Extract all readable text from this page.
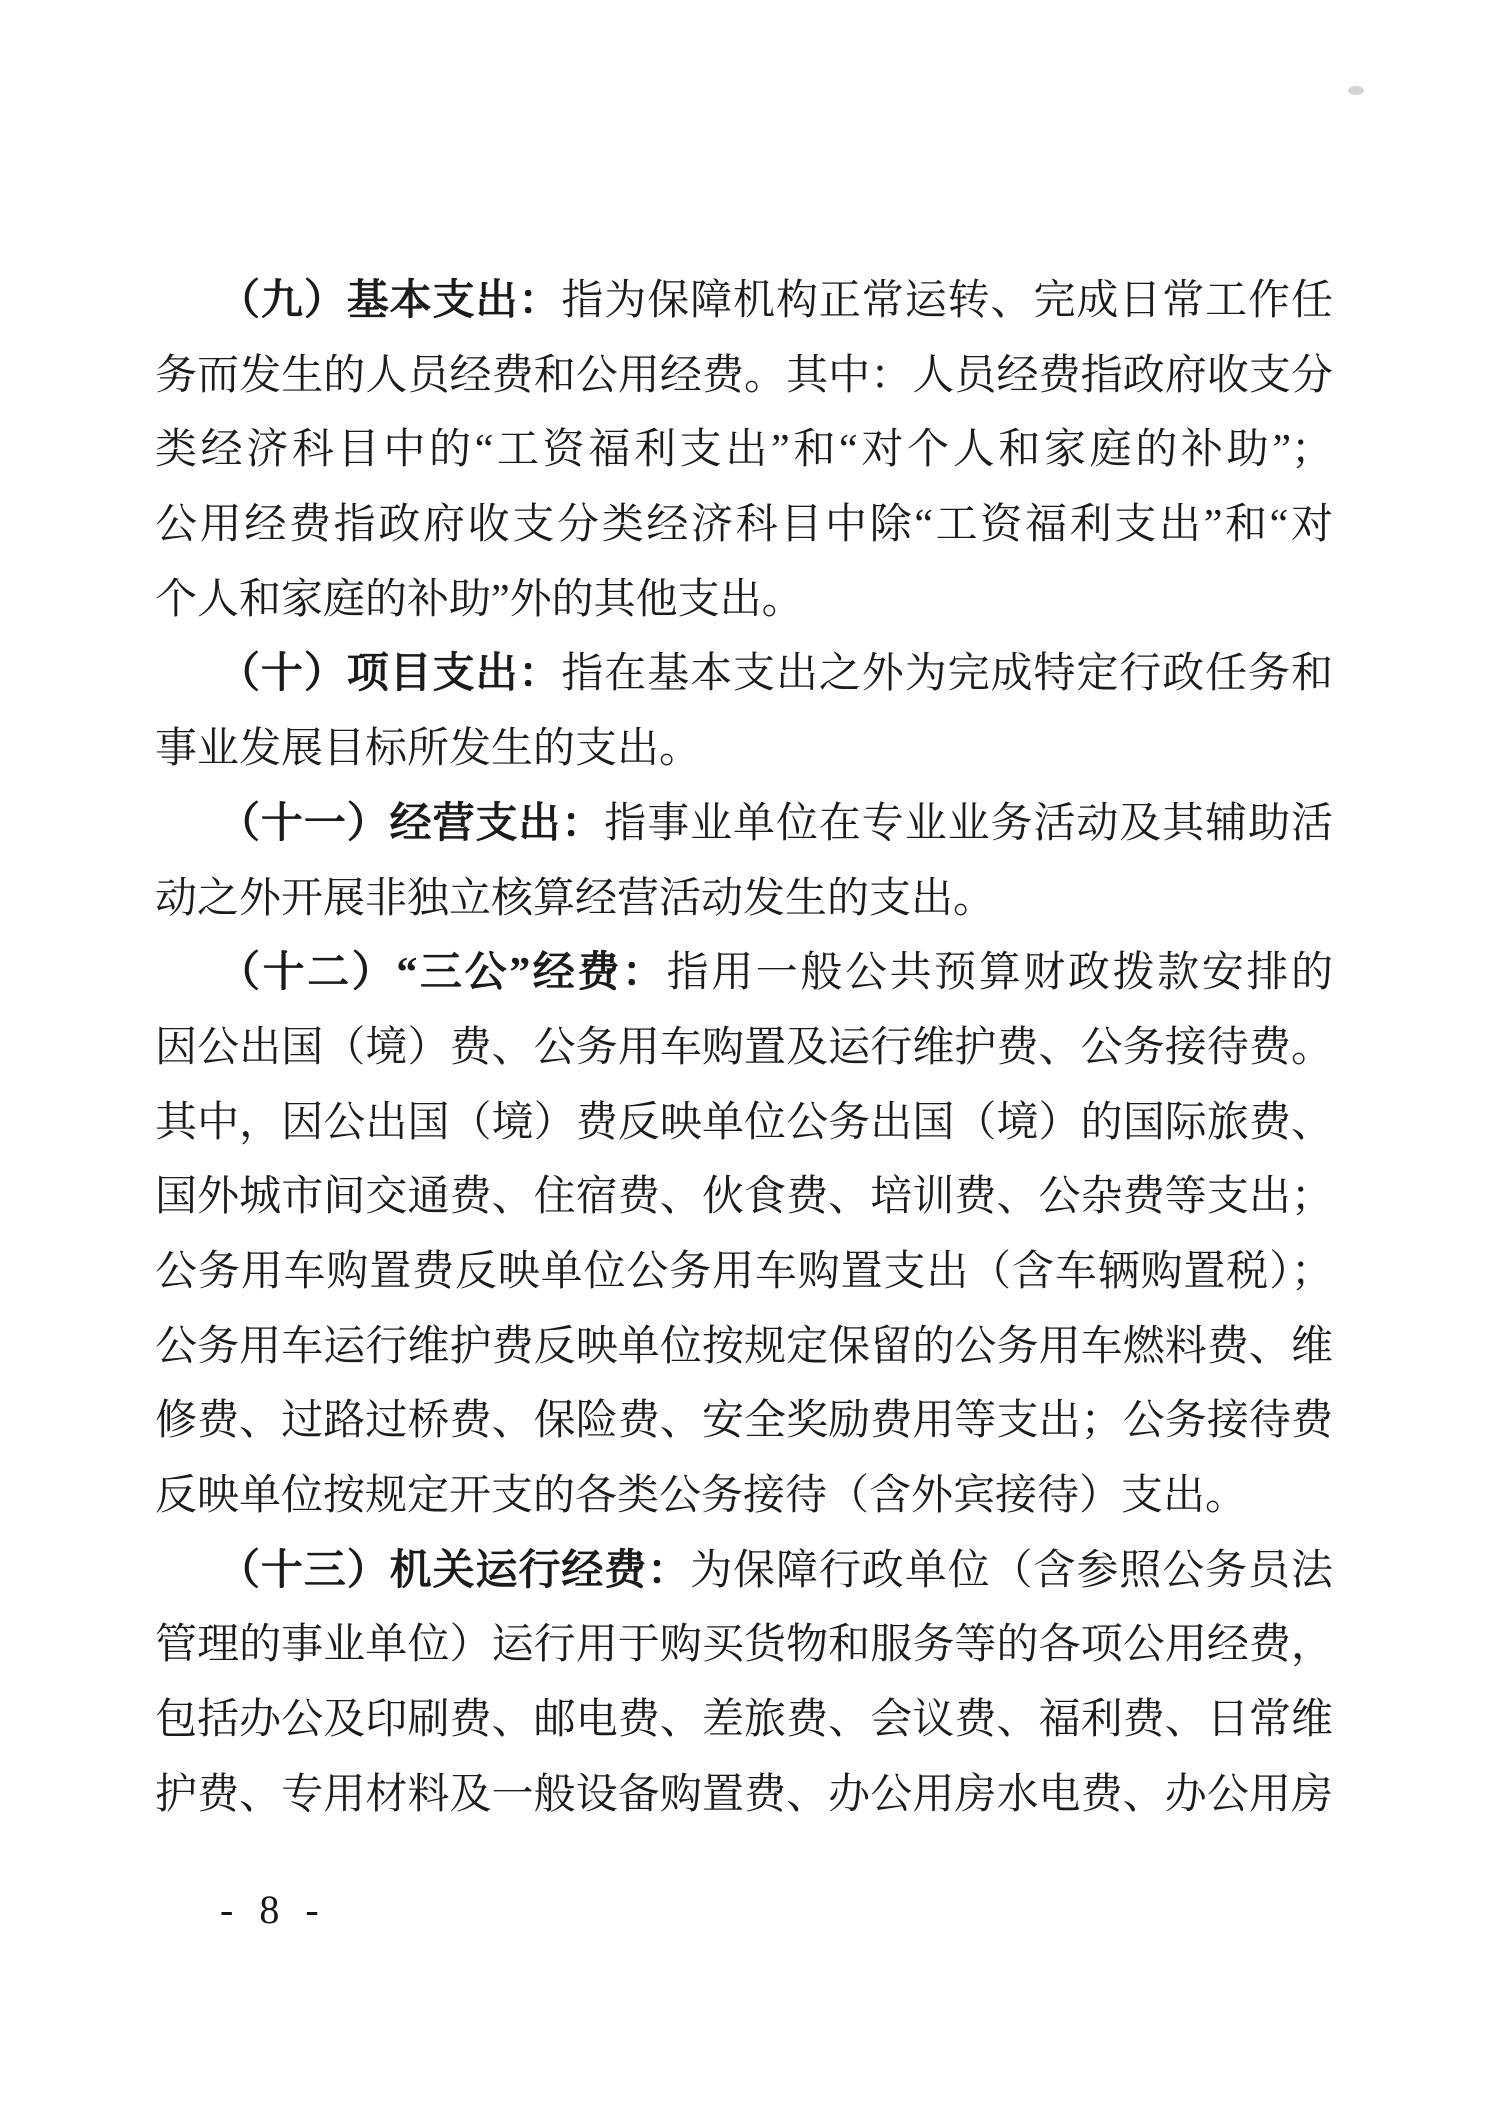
（九）基本支出：指为保障机构正常运转、完成日常工作任
务而发生的人员经费和公用经费。其中：人员经费指政府收支分
类经济科目中的“工资福利支出”和“对个人和家庭的补助”；
公用经费指政府收支分类经济科目中除“工资福利支出”和“对
个人和家庭的补助”外的其他支出。
（十）项目支出：指在基本支出之外为完成特定行政任务和
事业发展目标所发生的支出。
（十一）经营支出：指事业单位在专业业务活动及其辅助活
动之外开展非独立核算经营活动发生的支出。
（十二）“三公”经费：指用一般公共预算财政拨款安排的
因公出国（境）费、公务用车购置及运行维护费、公务接待费。
其中，因公出国（境）费反映单位公务出国（境）的国际旅费、
国外城市间交通费、住宿费、伙食费、培训费、公杂费等支出；
公务用车购置费反映单位公务用车购置支出（含车辆购置税）；
公务用车运行维护费反映单位按规定保留的公务用车燃料费、维
修费、过路过桥费、保险费、安全奖励费用等支出；公务接待费
反映单位按规定开支的各类公务接待（含外宾接待）支出。
（十三）机关运行经费：为保障行政单位（含参照公务员法
管理的事业单位）运行用于购买货物和服务等的各项公用经费，
包括办公及印刷费、邮电费、差旅费、会议费、福利费、日常维
护费、专用材料及一般设备购置费、办公用房水电费、办公用房
- 8 -
